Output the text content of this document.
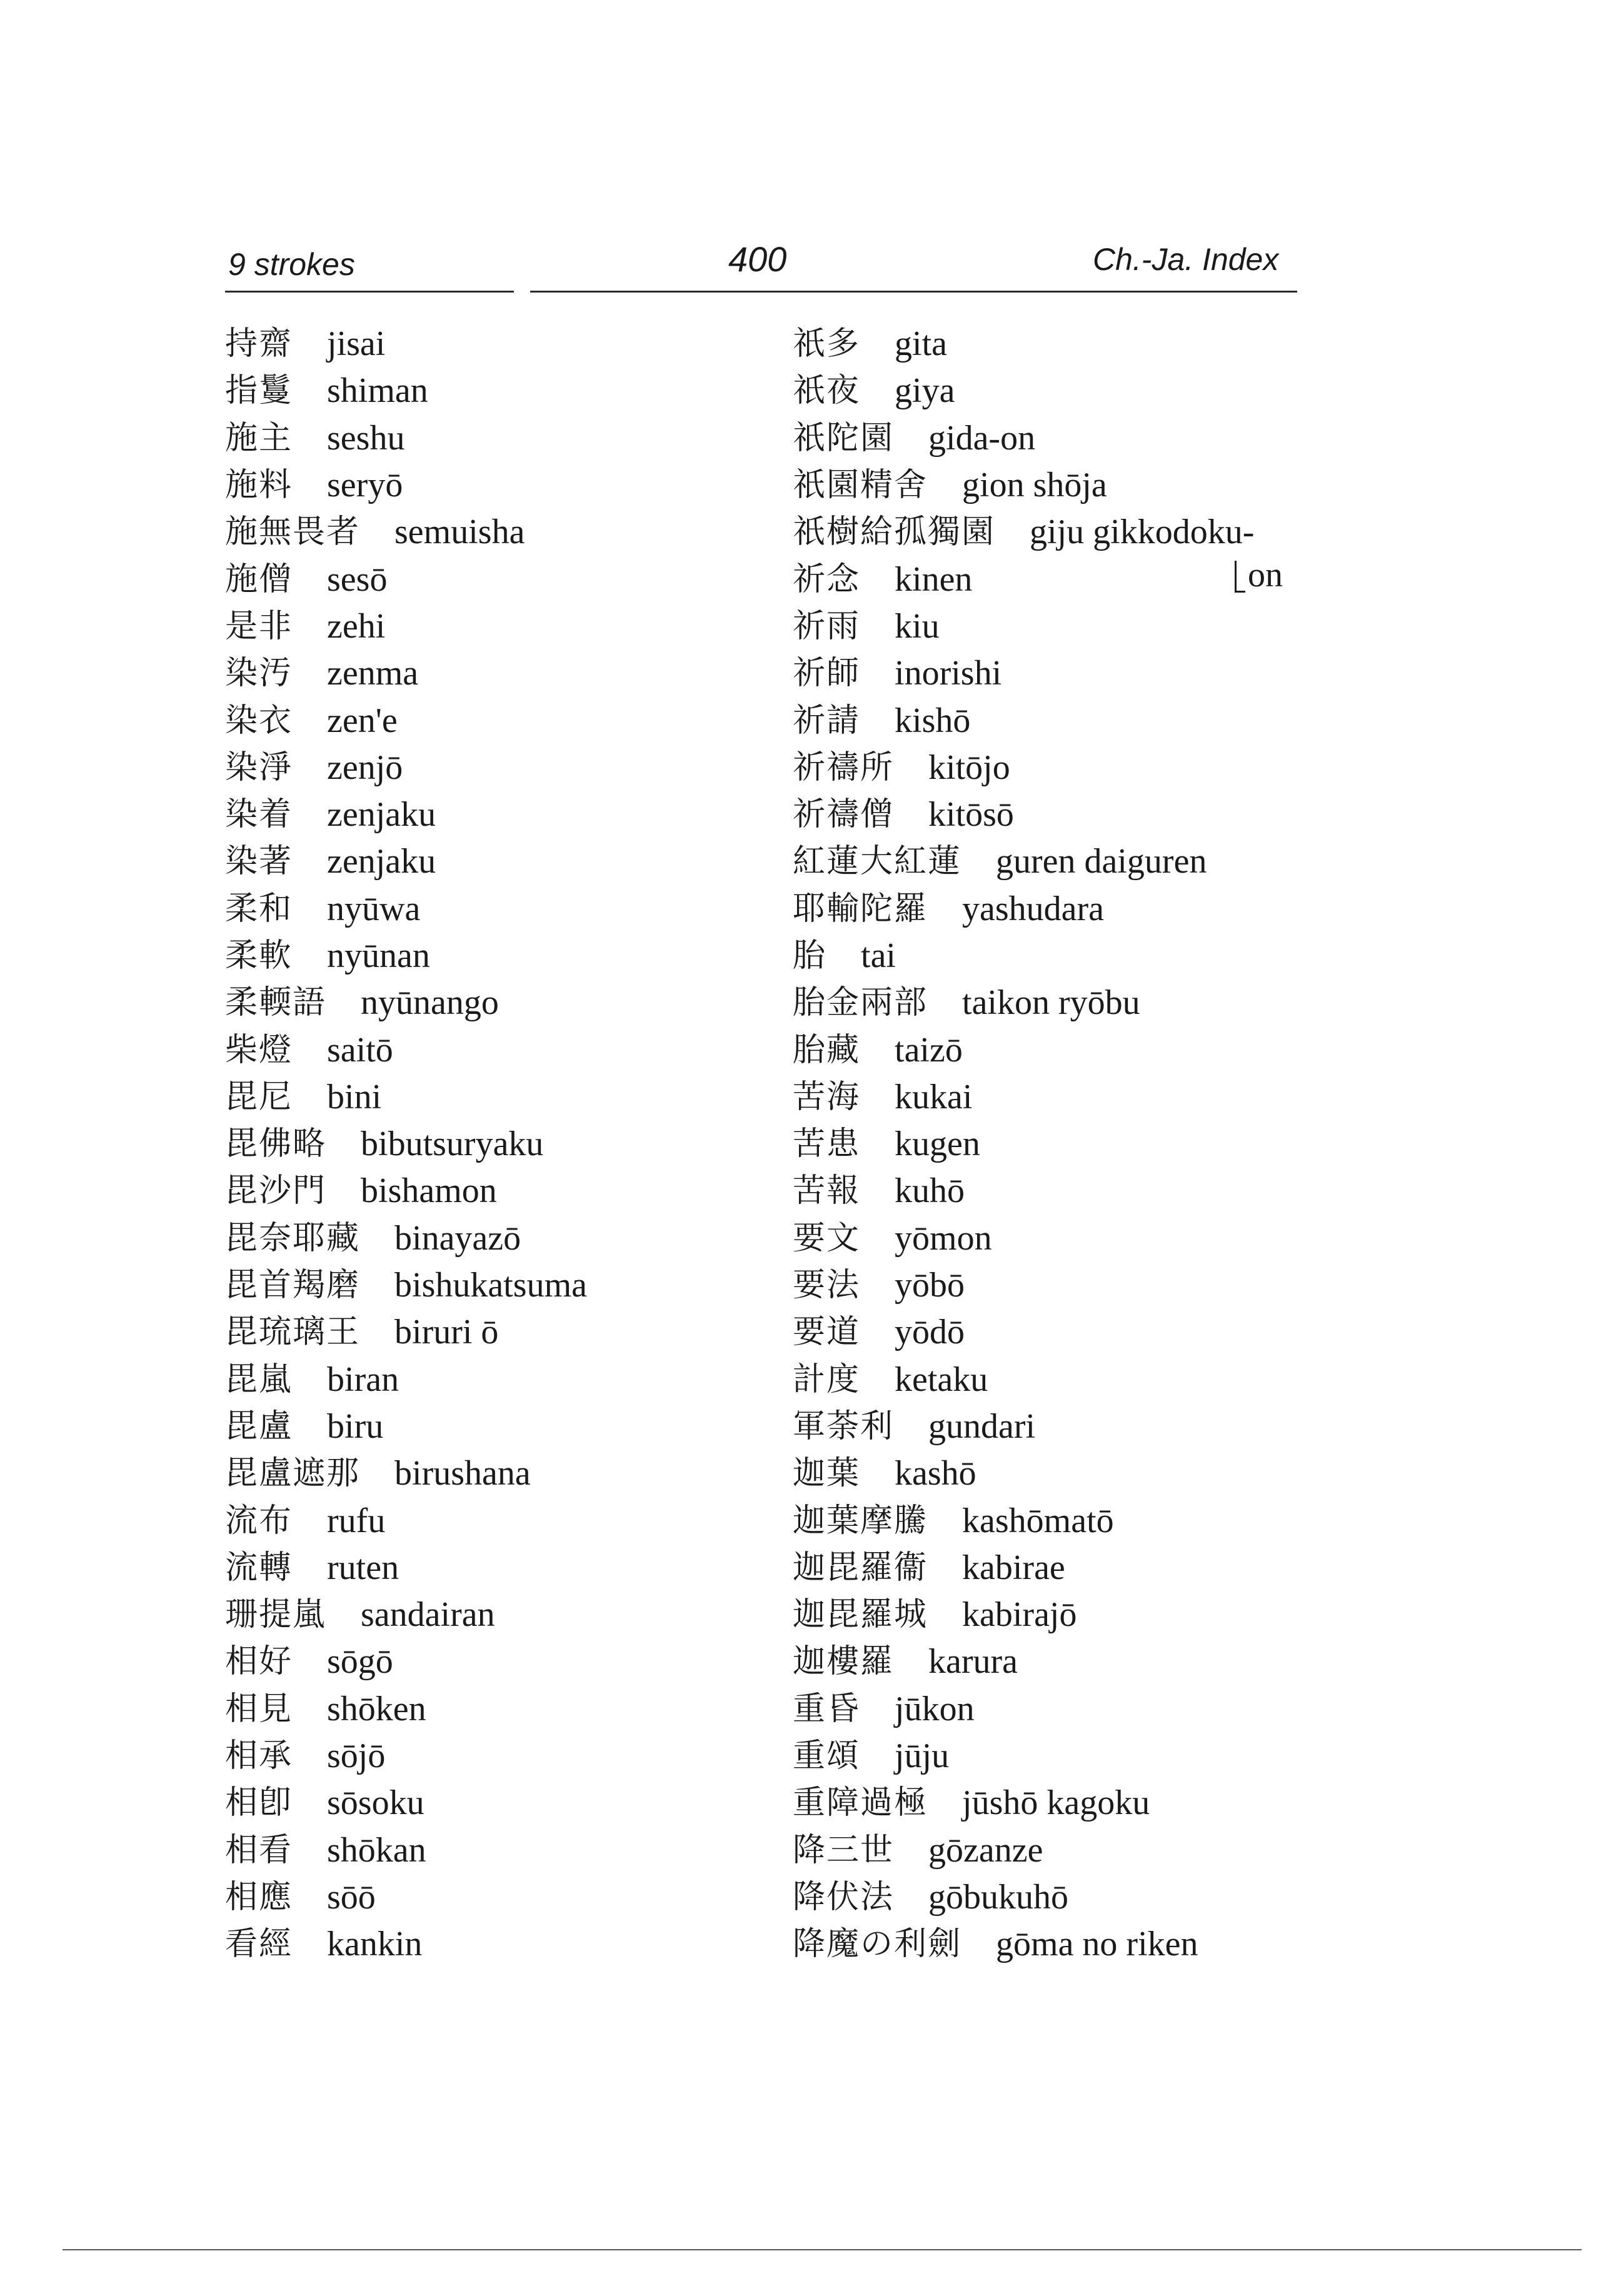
9 strokes	400	Ch.-Ja. Index
持齋 jisai
指鬘 shiman
施主 seshu
施料 seryō
施無畏者 semuisha
施僧 sesō
是非 zehi
染汚 zenma
染衣 zen'e
染淨 zenjō
染着 zenjaku
染著 zenjaku
柔和 nyūwa
柔軟 nyūnan
柔輭語 nyūnango
柴燈 saitō
毘尼 bini
毘佛略 bibutsuryaku
毘沙門 bishamon
毘奈耶藏 binayazō
毘首羯磨 bishukatsuma
毘琉璃王 biruri ō
毘嵐 biran
毘盧 biru
毘盧遮那 birushana
流布 rufu
流轉 ruten
珊提嵐 sandairan
相好 sōgō
相見 shōken
相承 sōjō
相卽 sōsoku
相看 shōkan
相應 sōō
看經 kankin
祇多 gita
祇夜 giya
祇陀園 gida-on
祇園精舍 gion shōja
祇樹給孤獨園 giju gikkodoku-
祈念 kinen
祈雨 kiu
祈師 inorishi
祈請 kishō
祈禱所 kitōjo
祈禱僧 kitōsō
紅蓮大紅蓮 guren daiguren
耶輸陀羅 yashudara
胎 tai
胎金兩部 taikon ryōbu
胎藏 taizō
苦海 kukai
苦患 kugen
苦報 kuhō
要文 yōmon
要法 yōbō
要道 yōdō
計度 ketaku
軍荼利 gundari
迦葉 kashō
迦葉摩騰 kashōmatō
迦毘羅衞 kabirae
迦毘羅城 kabirajō
迦樓羅 karura
重昏 jūkon
重頌 jūju
重障過極 jūshō kagoku
降三世 gōzanze
降伏法 gōbukuhō
降魔の利劍 gōma no riken
on
